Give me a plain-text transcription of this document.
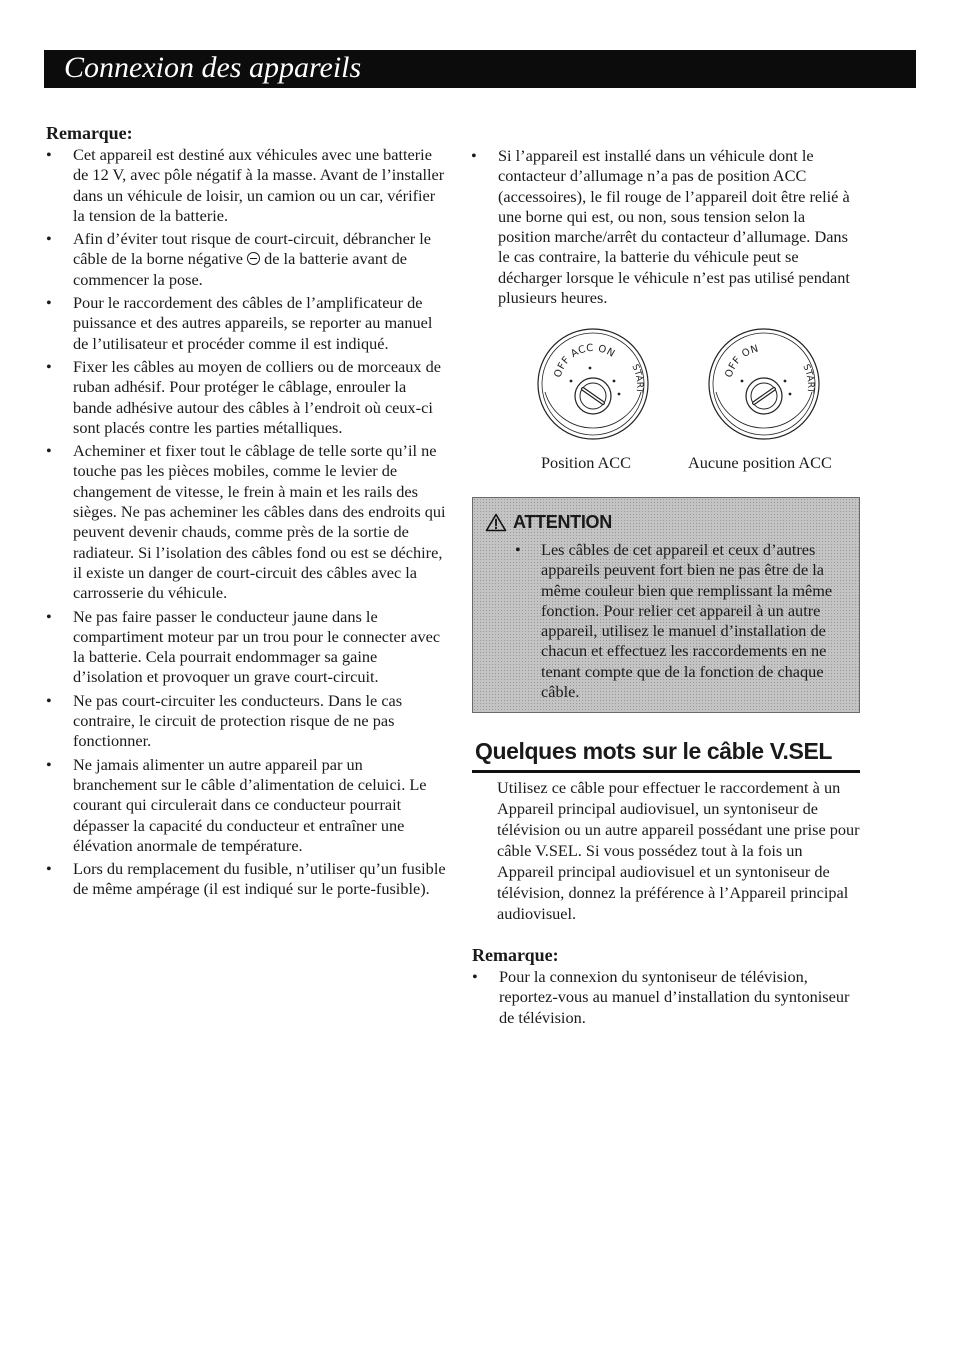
Connexion des appareils
Remarque:
• Cet appareil est destiné aux véhicules avec une batterie de 12 V, avec pôle négatif à la masse. Avant de l’installer dans un véhicule de loisir, un camion ou un car, vérifier la tension de la batterie.
• Afin d’éviter tout risque de court-circuit, débrancher le câble de la borne négative de la batterie avant de commencer la pose.
• Pour le raccordement des câbles de l’amplificateur de puissance et des autres appareils, se reporter au manuel de l’utilisateur et procéder comme il est indiqué.
• Fixer les câbles au moyen de colliers ou de morceaux de ruban adhésif. Pour protéger le câblage, enrouler la bande adhésive autour des câbles à l’endroit où ceux-ci sont placés contre les parties métalliques.
• Acheminer et fixer tout le câblage de telle sorte qu’il ne touche pas les pièces mobiles, comme le levier de changement de vitesse, le frein à main et les rails des sièges. Ne pas acheminer les câbles dans des endroits qui peuvent devenir chauds, comme près de la sortie de radiateur. Si l’isolation des câbles fond ou est se déchire, il existe un danger de court-circuit des câbles avec la carrosserie du véhicule.
• Ne pas faire passer le conducteur jaune dans le compartiment moteur par un trou pour le connecter avec la batterie. Cela pourrait endommager sa gaine d’isolation et provoquer un grave court-circuit.
• Ne pas court-circuiter les conducteurs. Dans le cas contraire, le circuit de protection risque de ne pas fonctionner.
• Ne jamais alimenter un autre appareil par un branchement sur le câble d’alimentation de celuici. Le courant qui circulerait dans ce conducteur pourrait dépasser la capacité du conducteur et entraîner une élévation anormale de température.
• Lors du remplacement du fusible, n’utiliser qu’un fusible de même ampérage (il est indiqué sur le porte-fusible).
• Si l’appareil est installé dans un véhicule dont le contacteur d’allumage n’a pas de position ACC (accessoires), le fil rouge de l’appareil doit être relié à une borne qui est, ou non, sous tension selon la position marche/arrêt du contacteur d’allumage. Dans le cas contraire, la batterie du véhicule peut se décharger lorsque le véhicule n’est pas utilisé pendant plusieurs heures.
OFF ACC ON
START
OFF ON
START
Position ACC	Aucune position ACC
ATTENTION
• Les câbles de cet appareil et ceux d’autres appareils peuvent fort bien ne pas être de la même couleur bien que remplissant la même fonction. Pour relier cet appareil à un autre appareil, utilisez le manuel d’installation de chacun et effectuez les raccordements en ne tenant compte que de la fonction de chaque câble.
Quelques mots sur le câble V.SEL

Utilisez ce câble pour effectuer le raccordement à un Appareil principal audiovisuel, un syntoniseur de télévision ou un autre appareil possédant une prise pour câble V.SEL. Si vous possédez tout à la fois un Appareil principal audiovisuel et un syntoniseur de télévision, donnez la préférence à l’Appareil principal audiovisuel.

Remarque:
• Pour la connexion du syntoniseur de télévision, reportez-vous au manuel d’installation du syntoniseur de télévision.
